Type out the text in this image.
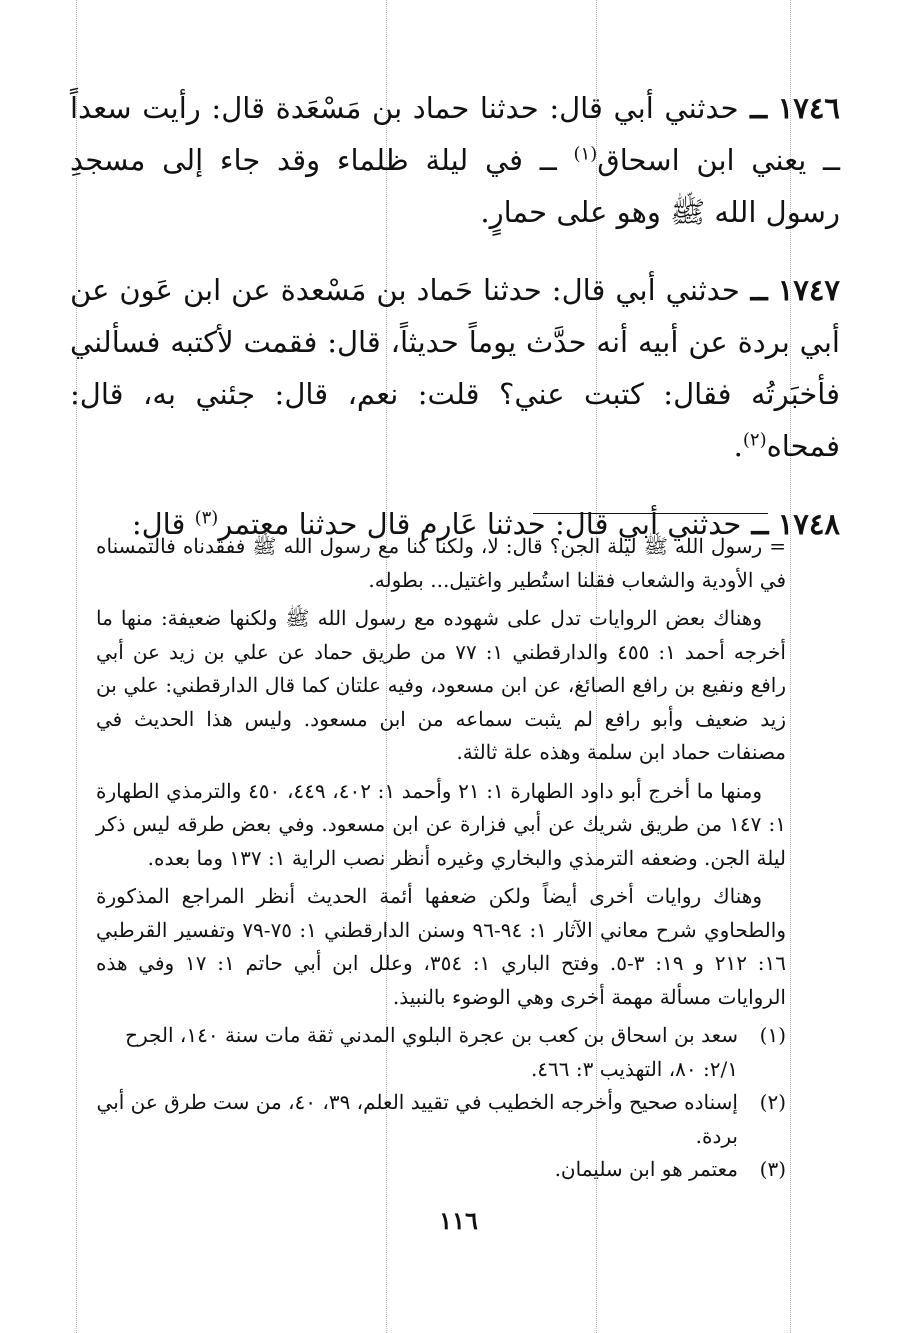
١٧٤٦ ــ حدثني أبي قال: حدثنا حماد بن مَسْعَدة قال: رأيت سعداً ــ يعني ابن اسحاق$^{(١)}$ ــ في ليلة ظلماء وقد جاء إلى مسجدِ رسول الله ﷺ وهو على حمارٍ.

١٧٤٧ ــ حدثني أبي قال: حدثنا حَماد بن مَسْعدة عن ابن عَون عن أبي بردة عن أبيه أنه حدَّث يوماً حديثاً، قال: فقمت لأكتبه فسألني فأخبَرتُه فقال: كتبت عني؟ قلت: نعم، قال: جئني به، قال: فمحاه$^{(٢)}$.

١٧٤٨ ــ حدثني أبي قال: حدثنا عَارم قال حدثنا معتمر$^{(٣)}$ قال:

= رسول الله ﷺ ليلة الجن؟ قال: لا، ولكنا كنا مع رسول الله ﷺ ففقدناه فالتمسناه في الأودية والشعاب فقلنا استُطير واغتيل... بطوله.

وهناك بعض الروايات تدل على شهوده مع رسول الله ﷺ ولكنها ضعيفة: منها ما أخرجه أحمد ١: ٤٥٥ والدارقطني ١: ٧٧ من طريق حماد عن علي بن زيد عن أبي رافع ونفيع بن رافع الصائغ، عن ابن مسعود، وفيه علتان كما قال الدارقطني: علي بن زيد ضعيف وأبو رافع لم يثبت سماعه من ابن مسعود. وليس هذا الحديث في مصنفات حماد ابن سلمة وهذه علة ثالثة.

ومنها ما أخرج أبو داود الطهارة ١: ٢١ وأحمد ١: ٤٠٢، ٤٤٩، ٤٥٠ والترمذي الطهارة ١: ١٤٧ من طريق شريك عن أبي فزارة عن ابن مسعود. وفي بعض طرقه ليس ذكر ليلة الجن. وضعفه الترمذي والبخاري وغيره أنظر نصب الراية ١: ١٣٧ وما بعده.

وهناك روايات أخرى أيضاً ولكن ضعفها أئمة الحديث أنظر المراجع المذكورة والطحاوي شرح معاني الآثار ١: ٩٤-٩٦ وسنن الدارقطني ١: ٧٥-٧٩ وتفسير القرطبي ١٦: ٢١٢ و ١٩: ٣-٥. وفتح الباري ١: ٣٥٤، وعلل ابن أبي حاتم ١: ١٧ وفي هذه الروايات مسألة مهمة أخرى وهي الوضوء بالنبيذ.

(١)
سعد بن اسحاق بن كعب بن عجرة البلوي المدني ثقة مات سنة ١٤٠، الجرح ٢/١: ٨٠، التهذيب ٣: ٤٦٦.
(٢)
إسناده صحيح وأخرجه الخطيب في تقييد العلم، ٣٩، ٤٠، من ست طرق عن أبي بردة.
(٣)
معتمر هو ابن سليمان.
١١٦
